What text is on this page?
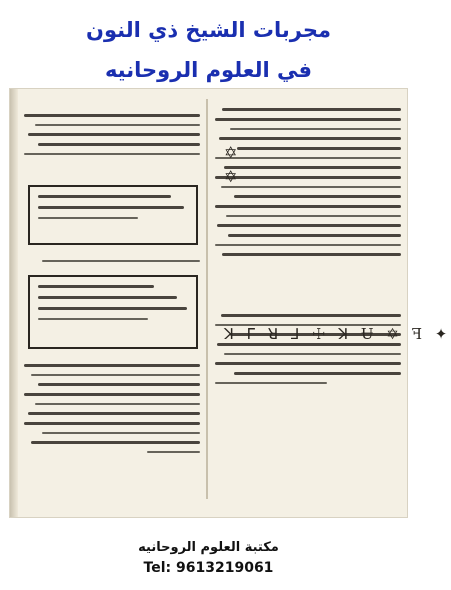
مجربات الشيخ ذي النون
في العلوم الروحانيه
✡
✡
ꓘ ᒥ ꓤ ⅃ ☩ ꓘ Ʉ ✡ ꟻ ✦
مكتبة العلوم الروحانيه
Tel: 9613219061
